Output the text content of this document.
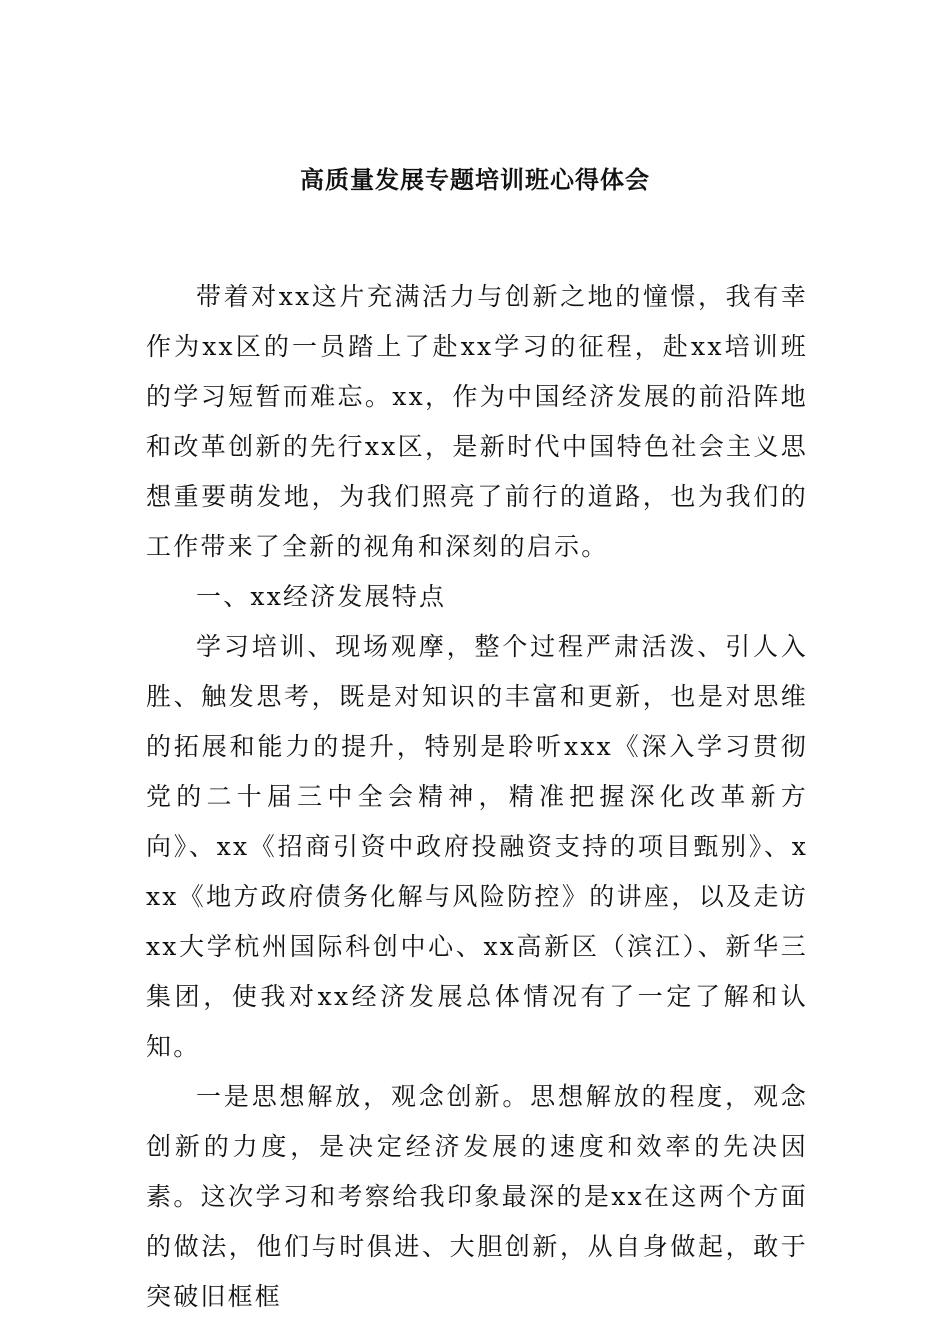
高质量发展专题培训班心得体会

带着对xx这片充满活力与创新之地的憧憬，我有幸作为xx区的一员踏上了赴xx学习的征程，赴xx培训班的学习短暂而难忘。xx，作为中国经济发展的前沿阵地和改革创新的先行xx区，是新时代中国特色社会主义思想重要萌发地，为我们照亮了前行的道路，也为我们的工作带来了全新的视角和深刻的启示。

一、xx经济发展特点

学习培训、现场观摩，整个过程严肃活泼、引人入胜、触发思考，既是对知识的丰富和更新，也是对思维的拓展和能力的提升，特别是聆听xxx《深入学习贯彻党的二十届三中全会精神，精准把握深化改革新方向》、xx《招商引资中政府投融资支持的项目甄别》、xxx《地方政府债务化解与风险防控》的讲座，以及走访xx大学杭州国际科创中心、xx高新区（滨江）、新华三集团，使我对xx经济发展总体情况有了一定了解和认知。

一是思想解放，观念创新。思想解放的程度，观念创新的力度，是决定经济发展的速度和效率的先决因素。这次学习和考察给我印象最深的是xx在这两个方面的做法，他们与时俱进、大胆创新，从自身做起，敢于突破旧框框
